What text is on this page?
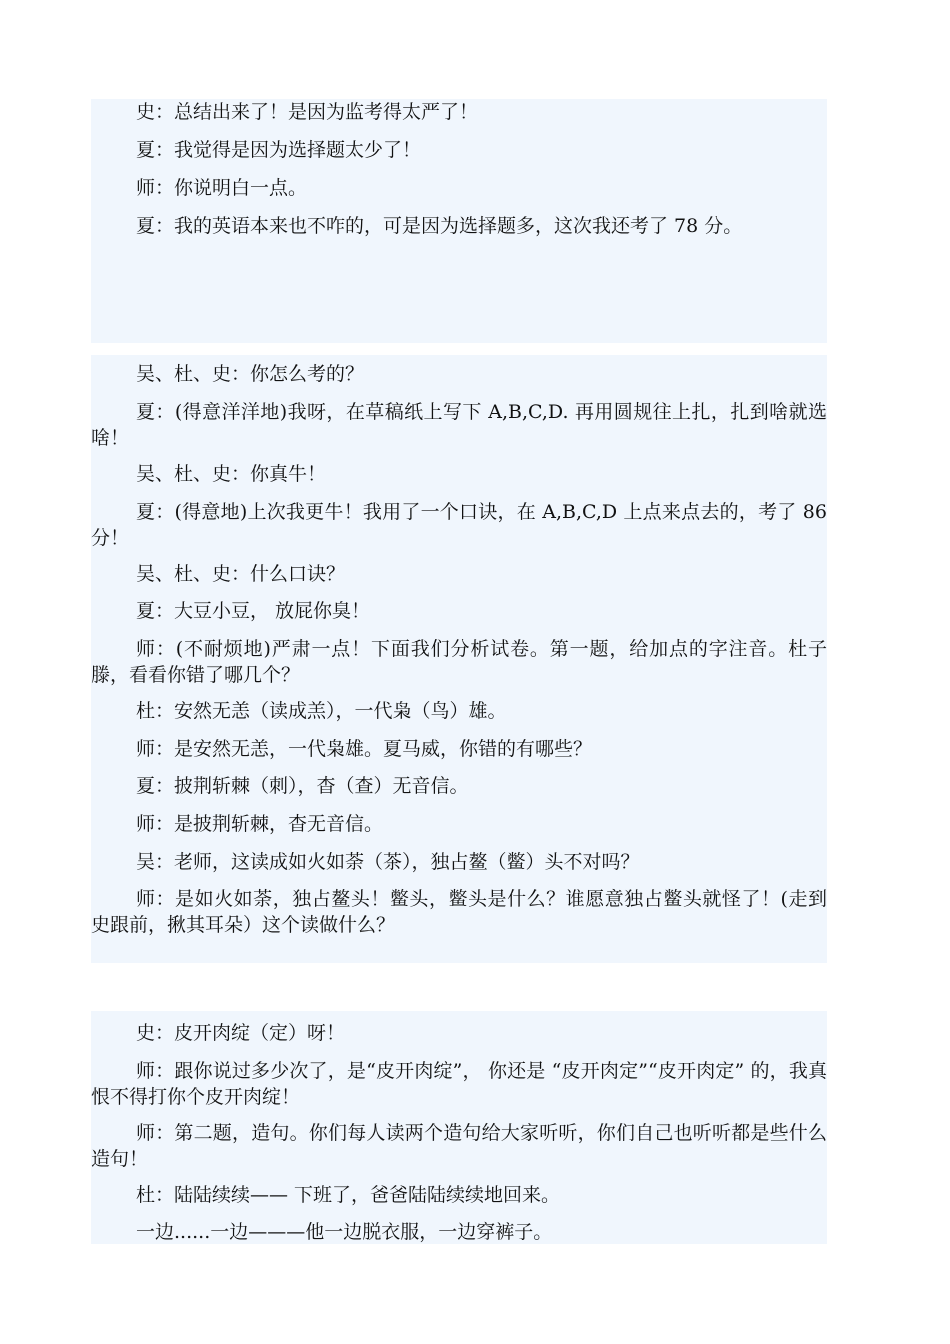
史：总结出来了！是因为监考得太严了！

夏：我觉得是因为选择题太少了！

师：你说明白一点。

夏：我的英语本来也不咋的，可是因为选择题多，这次我还考了 78 分。

吴、杜、史：你怎么考的？

夏：(得意洋洋地)我呀，在草稿纸上写下 A,B,C,D. 再用圆规往上扎，扎到啥就选啥！

吴、杜、史：你真牛！

夏：(得意地)上次我更牛！我用了一个口诀，在 A,B,C,D 上点来点去的，考了 86 分！

吴、杜、史：什么口诀？

夏：大豆小豆， 放屁你臭！

师：(不耐烦地)严肃一点！下面我们分析试卷。第一题，给加点的字注音。杜子滕，看看你错了哪几个？

杜：安然无恙（读成羔），一代枭（鸟）雄。

师：是安然无恙，一代枭雄。夏马威，你错的有哪些？

夏：披荆斩棘（刺），杳（查）无音信。

师：是披荆斩棘，杳无音信。

吴：老师，这读成如火如荼（茶），独占鳌（鳖）头不对吗？

师：是如火如荼，独占鳌头！鳖头，鳖头是什么？谁愿意独占鳖头就怪了！(走到史跟前，揪其耳朵）这个读做什么？

史：皮开肉绽（定）呀！

师：跟你说过多少次了，是“皮开肉绽”， 你还是 “皮开肉定”“皮开肉定” 的，我真恨不得打你个皮开肉绽！

师：第二题，造句。你们每人读两个造句给大家听听，你们自己也听听都是些什么造句！

杜：陆陆续续—— 下班了，爸爸陆陆续续地回来。

一边......一边———他一边脱衣服，一边穿裤子。
